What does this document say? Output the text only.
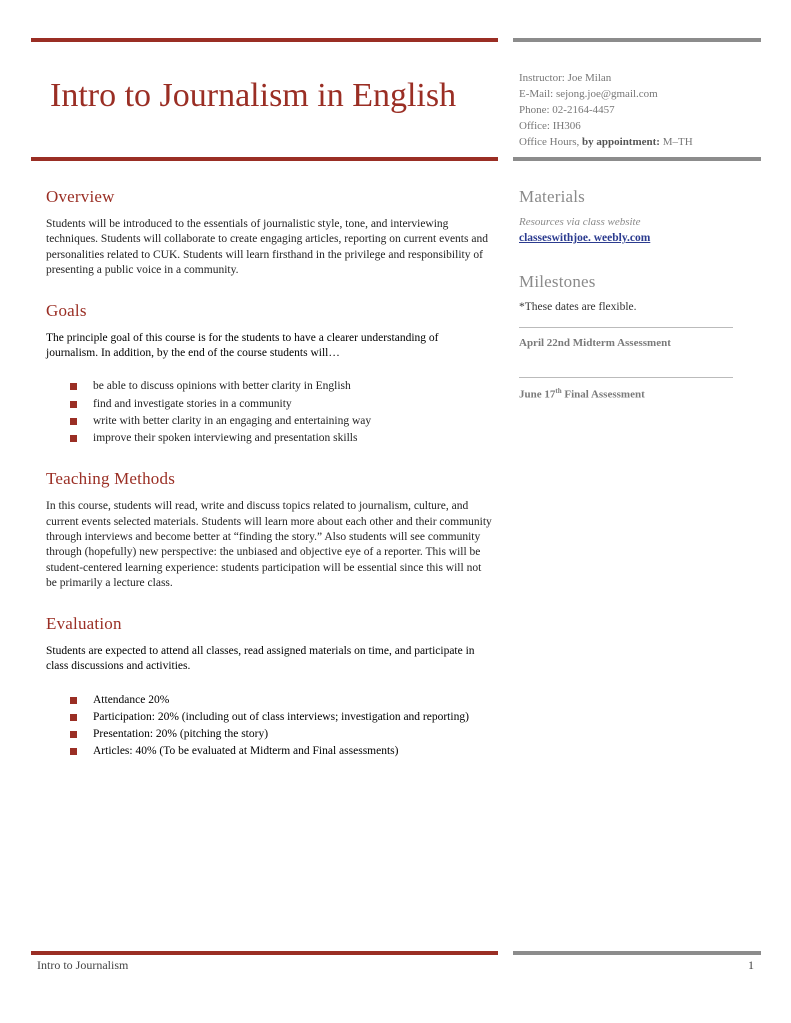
Intro to Journalism in English	Instructor: Joe Milan
E-Mail: sejong.joe@gmail.com
Phone: 02-2164-4457
Office: IH306
Office Hours, by appointment: M–TH
Overview

Students will be introduced to the essentials of journalistic style, tone, and interviewing techniques. Students will collaborate to create engaging articles, reporting on current events and personalities related to CUK. Students will learn firsthand in the privilege and responsibility of presenting a public voice in a community.

Goals

The principle goal of this course is for the students to have a clearer understanding of journalism. In addition, by the end of the course students will…

be able to discuss opinions with better clarity in English
find and investigate stories in a community
write with better clarity in an engaging and entertaining way
improve their spoken interviewing and presentation skills
Teaching Methods

In this course, students will read, write and discuss topics related to journalism, culture, and current events selected materials. Students will learn more about each other and their community through interviews and become better at “finding the story.” Also students will see community through (hopefully) new perspective: the unbiased and objective eye of a reporter. This will be student-centered learning experience: students participation will be essential since this will not be primarily a lecture class.

Evaluation

Students are expected to attend all classes, read assigned materials on time, and participate in class discussions and activities.

Attendance 20%
Participation: 20% (including out of class interviews; investigation and reporting)
Presentation: 20% (pitching the story)
Articles: 40% (To be evaluated at Midterm and Final assessments)
Materials
Resources via class website
classeswithjoe. weebly.com
Milestones
*These dates are flexible.
April 22nd Midterm Assessment
June 17th Final Assessment
Intro to Journalism	1
